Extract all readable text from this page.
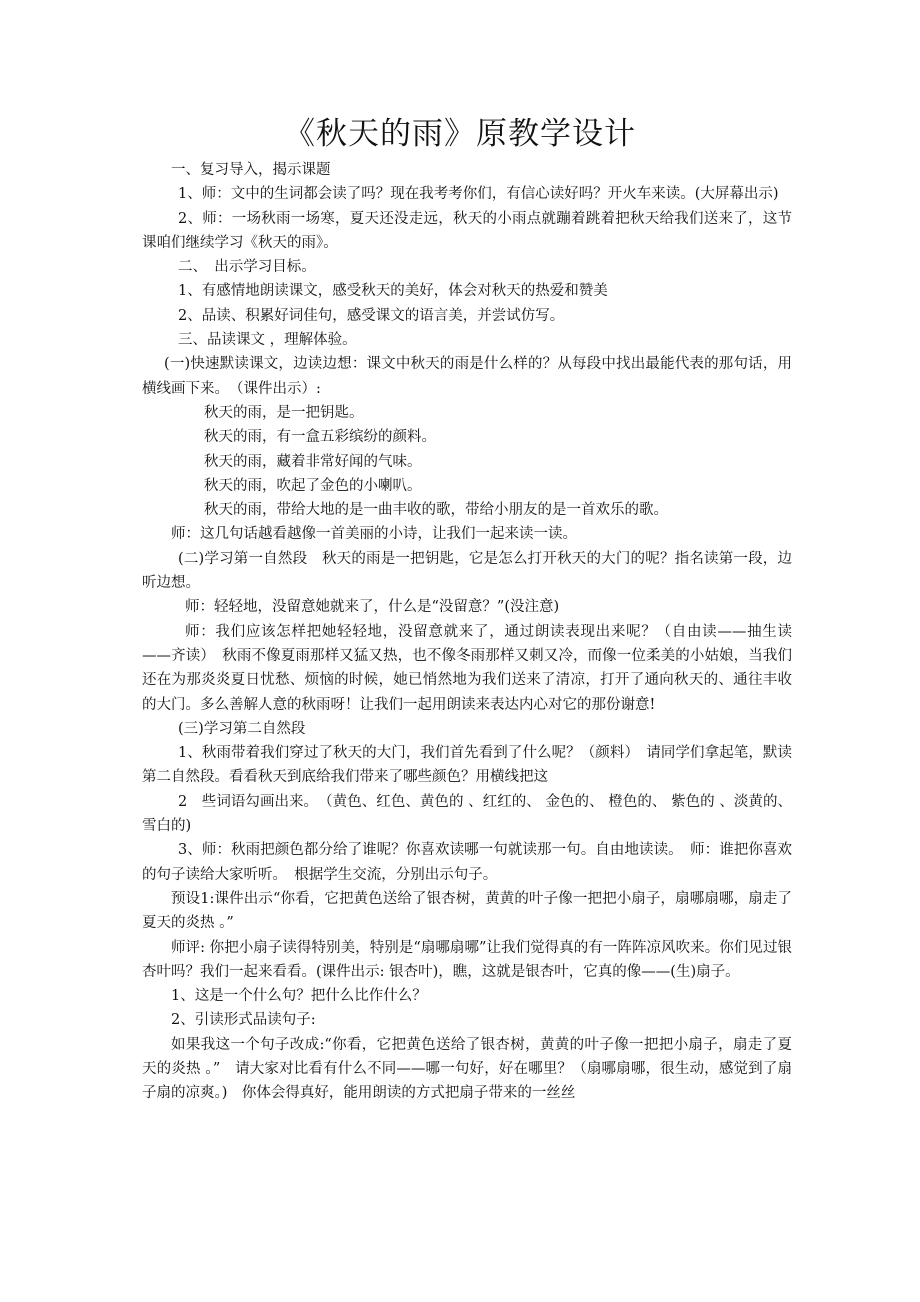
《秋天的雨》原教学设计

一、复习导入，揭示课题

1、师：文中的生词都会读了吗？现在我考考你们，有信心读好吗？开火车来读。(大屏幕出示)

2、师：一场秋雨一场寒，夏天还没走远，秋天的小雨点就蹦着跳着把秋天给我们送来了，这节课咱们继续学习《秋天的雨》。

二、　出示学习目标。

1、有感情地朗读课文，感受秋天的美好，体会对秋天的热爱和赞美

2、品读、积累好词佳句，感受课文的语言美，并尝试仿写。

三、品读课文 ，理解体验。

(一)快速默读课文，边读边想：课文中秋天的雨是什么样的？从每段中找出最能代表的那句话，用横线画下来。　（课件出示）:

秋天的雨，是一把钥匙。

秋天的雨，有一盒五彩缤纷的颜料。

秋天的雨，藏着非常好闻的气味。

秋天的雨，吹起了金色的小喇叭。

秋天的雨，带给大地的是一曲丰收的歌，带给小朋友的是一首欢乐的歌。

师：这几句话越看越像一首美丽的小诗，让我们一起来读一读。

(二)学习第一自然段　秋天的雨是一把钥匙，它是怎么打开秋天的大门的呢？指名读第一段，边听边想。

师：轻轻地，没留意她就来了，什么是“没留意？”(没注意)

师：我们应该怎样把她轻轻地，没留意就来了，通过朗读表现出来呢？（自由读——抽生读——齐读）　秋雨不像夏雨那样又猛又热，也不像冬雨那样又刺又冷，而像一位柔美的小姑娘，当我们还在为那炎炎夏日忧愁、烦恼的时候，她已悄然地为我们送来了清凉，打开了通向秋天的、通往丰收的大门。多么善解人意的秋雨呀！让我们一起用朗读来表达内心对它的那份谢意!

(三)学习第二自然段

1、秋雨带着我们穿过了秋天的大门，我们首先看到了什么呢？（颜料）　请同学们拿起笔，默读第二自然段。看看秋天到底给我们带来了哪些颜色？用横线把这

2　些词语勾画出来。　（黄色、红色、黄色的 、红红的、 金色的、 橙色的、 紫色的 、淡黄的、 雪白的)

3、师：秋雨把颜色都分给了谁呢？你喜欢读哪一句就读那一句。自由地读读。　师：谁把你喜欢的句子读给大家听听。　根据学生交流，分别出示句子。

预设1:课件出示“你看，它把黄色送给了银杏树，黄黄的叶子像一把把小扇子，扇哪扇哪，扇走了夏天的炎热 。”

师评: 你把小扇子读得特别美，特别是“扇哪扇哪”让我们觉得真的有一阵阵凉风吹来。你们见过银杏叶吗？我们一起来看看。(课件出示: 银杏叶)，瞧，这就是银杏叶，它真的像——(生)扇子。

1、这是一个什么句？把什么比作什么？

2、引读形式品读句子:

如果我这一个句子改成:“你看，它把黄色送给了银杏树，黄黄的叶子像一把把小扇子，扇走了夏天的炎热 。”　请大家对比看有什么不同——哪一句好，好在哪里？（扇哪扇哪，很生动，感觉到了扇子扇的凉爽。)　你体会得真好，能用朗读的方式把扇子带来的一丝丝
